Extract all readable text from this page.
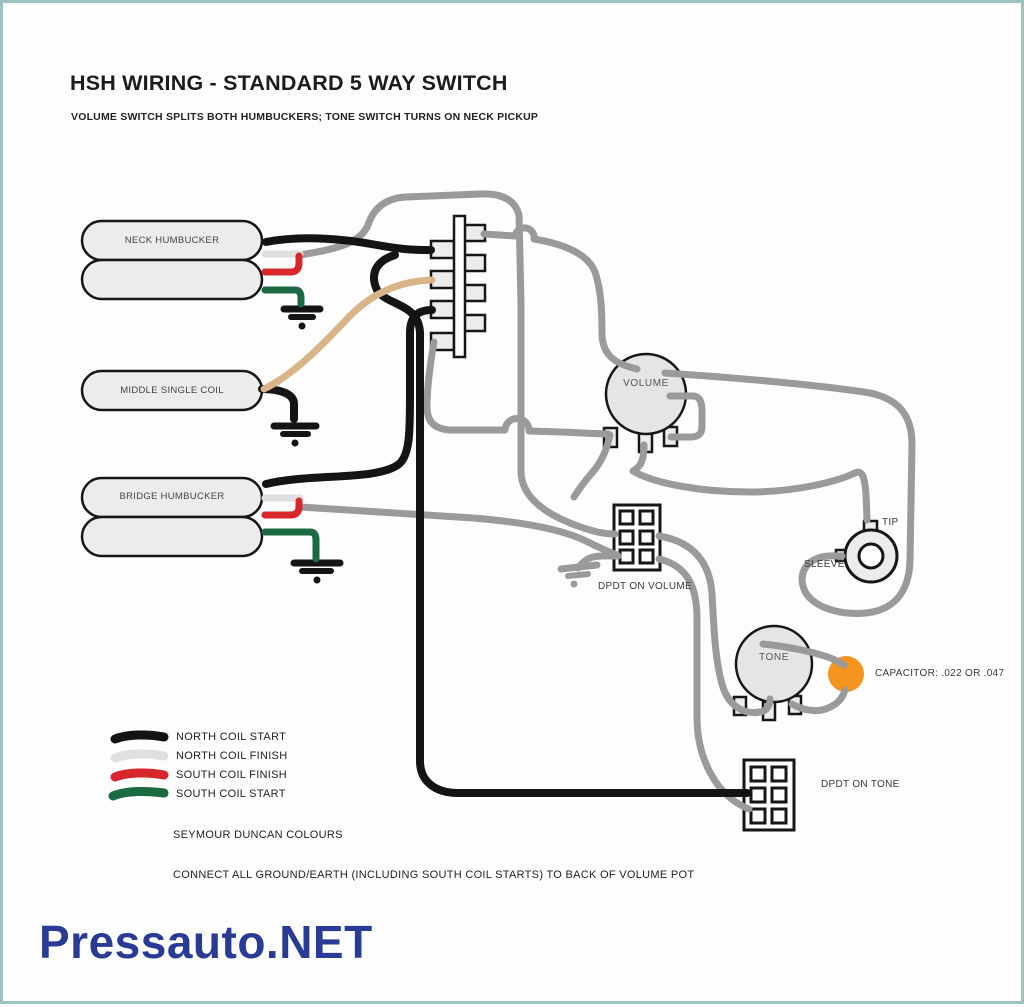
HSH WIRING - STANDARD 5 WAY SWITCH
VOLUME SWITCH SPLITS BOTH HUMBUCKERS; TONE SWITCH TURNS ON NECK PICKUP
NECK HUMBUCKER
MIDDLE SINGLE COIL
BRIDGE HUMBUCKER
VOLUME
TONE
TIP
SLEEVE
CAPACITOR: .022 OR .047
DPDT ON VOLUME
DPDT ON TONE
NORTH COIL START
NORTH COIL FINISH
SOUTH COIL FINISH
SOUTH COIL START
SEYMOUR DUNCAN COLOURS
CONNECT ALL GROUND/EARTH (INCLUDING SOUTH COIL STARTS) TO BACK OF VOLUME POT
Pressauto.NET
